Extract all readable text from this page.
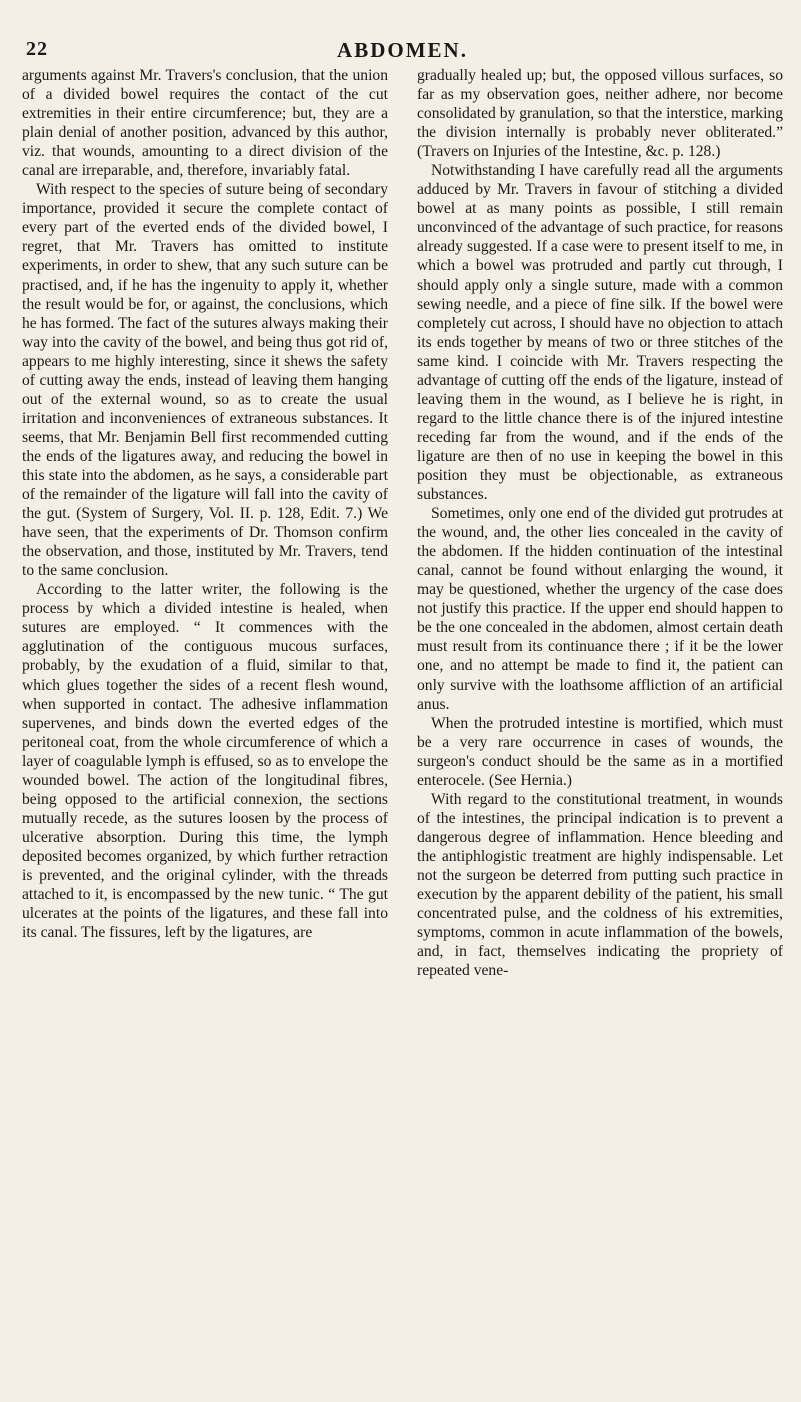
22	ABDOMEN.

arguments against Mr. Travers's conclusion, that the union of a divided bowel requires the contact of the cut extremities in their entire circumference; but, they are a plain denial of another position, advanced by this author, viz. that wounds, amounting to a direct division of the canal are irreparable, and, therefore, invariably fatal.

With respect to the species of suture being of secondary importance, provided it secure the complete contact of every part of the everted ends of the divided bowel, I regret, that Mr. Travers has omitted to institute experiments, in order to shew, that any such suture can be practised, and, if he has the ingenuity to apply it, whether the result would be for, or against, the conclusions, which he has formed. The fact of the sutures always making their way into the cavity of the bowel, and being thus got rid of, appears to me highly interesting, since it shews the safety of cutting away the ends, instead of leaving them hanging out of the external wound, so as to create the usual irritation and inconveniences of extraneous substances. It seems, that Mr. Benjamin Bell first recommended cutting the ends of the ligatures away, and reducing the bowel in this state into the abdomen, as he says, a considerable part of the remainder of the ligature will fall into the cavity of the gut. (System of Surgery, Vol. II. p. 128, Edit. 7.) We have seen, that the experiments of Dr. Thomson confirm the observation, and those, instituted by Mr. Travers, tend to the same conclusion.

According to the latter writer, the following is the process by which a divided intestine is healed, when sutures are employed. “ It commences with the agglutination of the contiguous mucous surfaces, probably, by the exudation of a fluid, similar to that, which glues together the sides of a recent flesh wound, when supported in contact. The adhesive inflammation supervenes, and binds down the everted edges of the peritoneal coat, from the whole circumference of which a layer of coagulable lymph is effused, so as to envelope the wounded bowel. The action of the longitudinal fibres, being opposed to the artificial connexion, the sections mutually recede, as the sutures loosen by the process of ulcerative absorption. During this time, the lymph deposited becomes organized, by which further retraction is prevented, and the original cylinder, with the threads attached to it, is encompassed by the new tunic. “ The gut ulcerates at the points of the ligatures, and these fall into its canal. The fissures, left by the ligatures, are

gradually healed up; but, the opposed villous surfaces, so far as my observation goes, neither adhere, nor become consolidated by granulation, so that the interstice, marking the division internally is probably never obliterated.” (Travers on Injuries of the Intestine, &c. p. 128.)

Notwithstanding I have carefully read all the arguments adduced by Mr. Travers in favour of stitching a divided bowel at as many points as possible, I still remain unconvinced of the advantage of such practice, for reasons already suggested. If a case were to present itself to me, in which a bowel was protruded and partly cut through, I should apply only a single suture, made with a common sewing needle, and a piece of fine silk. If the bowel were completely cut across, I should have no objection to attach its ends together by means of two or three stitches of the same kind. I coincide with Mr. Travers respecting the advantage of cutting off the ends of the ligature, instead of leaving them in the wound, as I believe he is right, in regard to the little chance there is of the injured intestine receding far from the wound, and if the ends of the ligature are then of no use in keeping the bowel in this position they must be objectionable, as extraneous substances.

Sometimes, only one end of the divided gut protrudes at the wound, and, the other lies concealed in the cavity of the abdomen. If the hidden continuation of the intestinal canal, cannot be found without enlarging the wound, it may be questioned, whether the urgency of the case does not justify this practice. If the upper end should happen to be the one concealed in the abdomen, almost certain death must result from its continuance there ; if it be the lower one, and no attempt be made to find it, the patient can only survive with the loathsome affliction of an artificial anus.

When the protruded intestine is mortified, which must be a very rare occurrence in cases of wounds, the surgeon's conduct should be the same as in a mortified enterocele. (See Hernia.)

With regard to the constitutional treatment, in wounds of the intestines, the principal indication is to prevent a dangerous degree of inflammation. Hence bleeding and the antiphlogistic treatment are highly indispensable. Let not the surgeon be deterred from putting such practice in execution by the apparent debility of the patient, his small concentrated pulse, and the coldness of his extremities, symptoms, common in acute inflammation of the bowels, and, in fact, themselves indicating the propriety of repeated vene-
